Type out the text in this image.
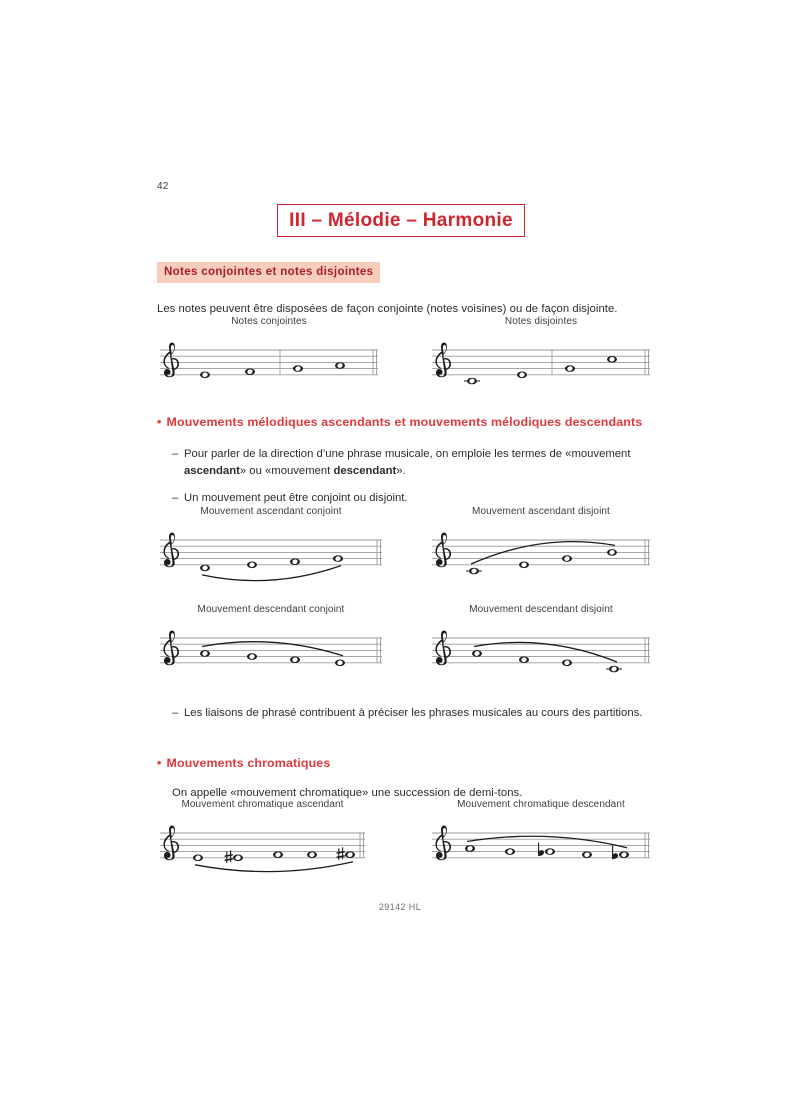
42
III – Mélodie – Harmonie
Notes conjointes et notes disjointes
Les notes peuvent être disposées de façon conjointe (notes voisines) ou de façon disjointe.
Notes conjointes	Notes disjointes
Mouvement ascendant conjoint	Mouvement ascendant disjoint
Mouvement descendant conjoint	Mouvement descendant disjoint
Mouvement chromatique ascendant	Mouvement chromatique descendant
• Mouvements mélodiques ascendants et mouvements mélodiques descendants
– Pour parler de la direction d’une phrase musicale, on emploie les termes de «mouvement ascendant» ou «mouvement descendant».
– Un mouvement peut être conjoint ou disjoint.
– Les liaisons de phrasé contribuent à préciser les phrases musicales au cours des partitions.
• Mouvements chromatiques
On appelle «mouvement chromatique» une succession de demi-tons.
29142 HL
